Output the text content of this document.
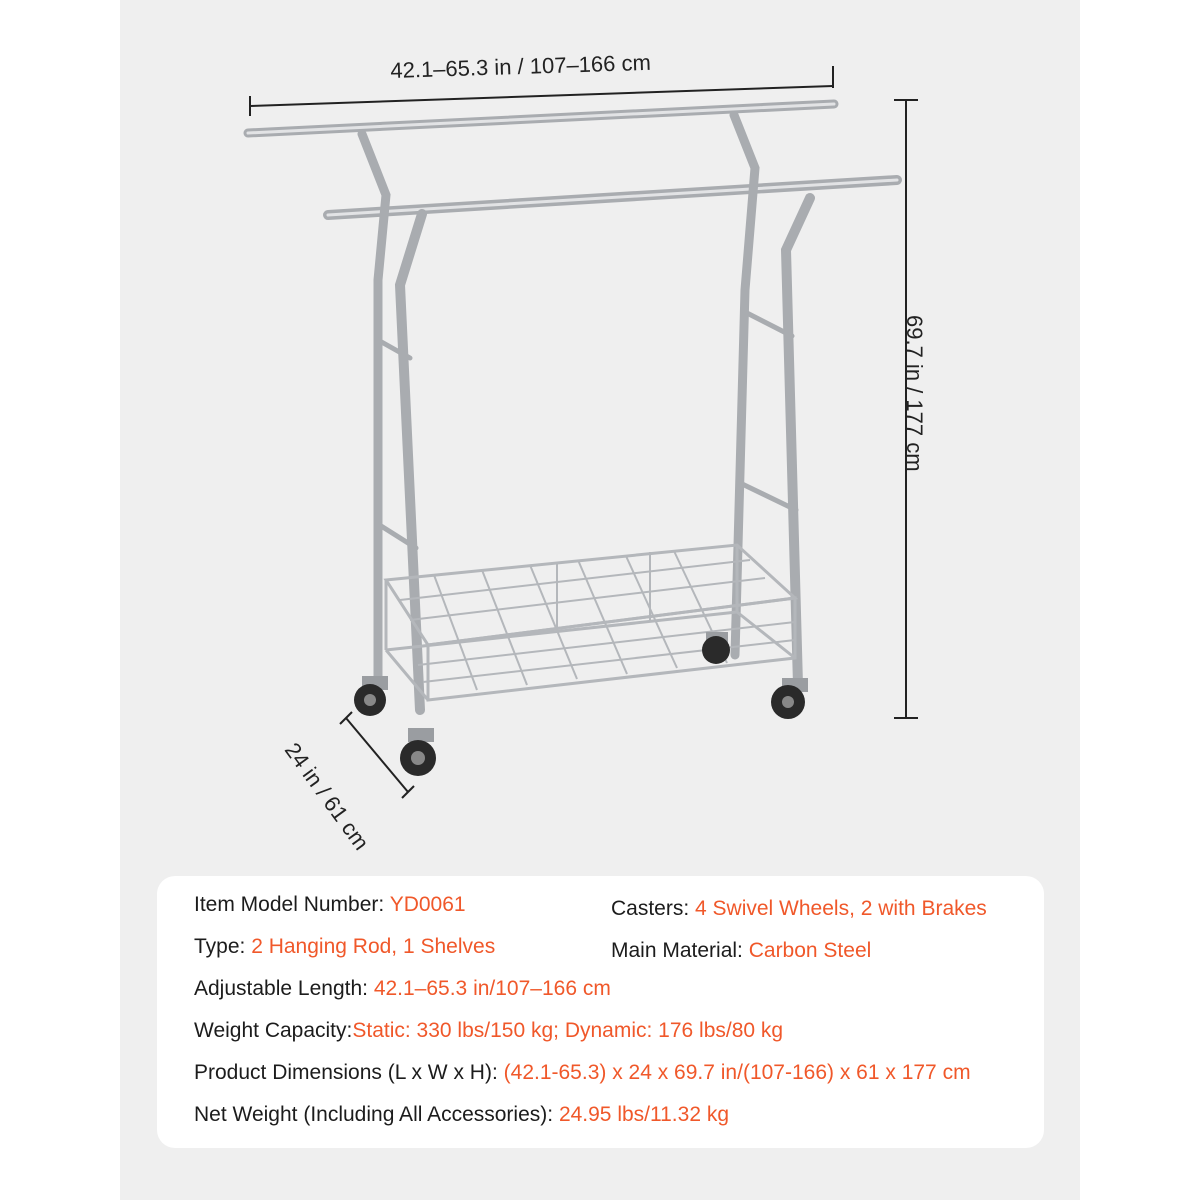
42.1–65.3 in / 107–166 cm
69.7 in / 177 cm
24 in / 61 cm
Item Model Number: YD0061	Casters: 4 Swivel Wheels, 2 with Brakes
Type: 2 Hanging Rod, 1 Shelves	Main Material: Carbon Steel
Adjustable Length: 42.1–65.3 in/107–166 cm
Weight Capacity:Static: 330 lbs/150 kg; Dynamic: 176 lbs/80 kg
Product Dimensions (L x W x H): (42.1-65.3) x 24 x 69.7 in/(107-166) x 61 x 177 cm
Net Weight (Including All Accessories): 24.95 lbs/11.32 kg
